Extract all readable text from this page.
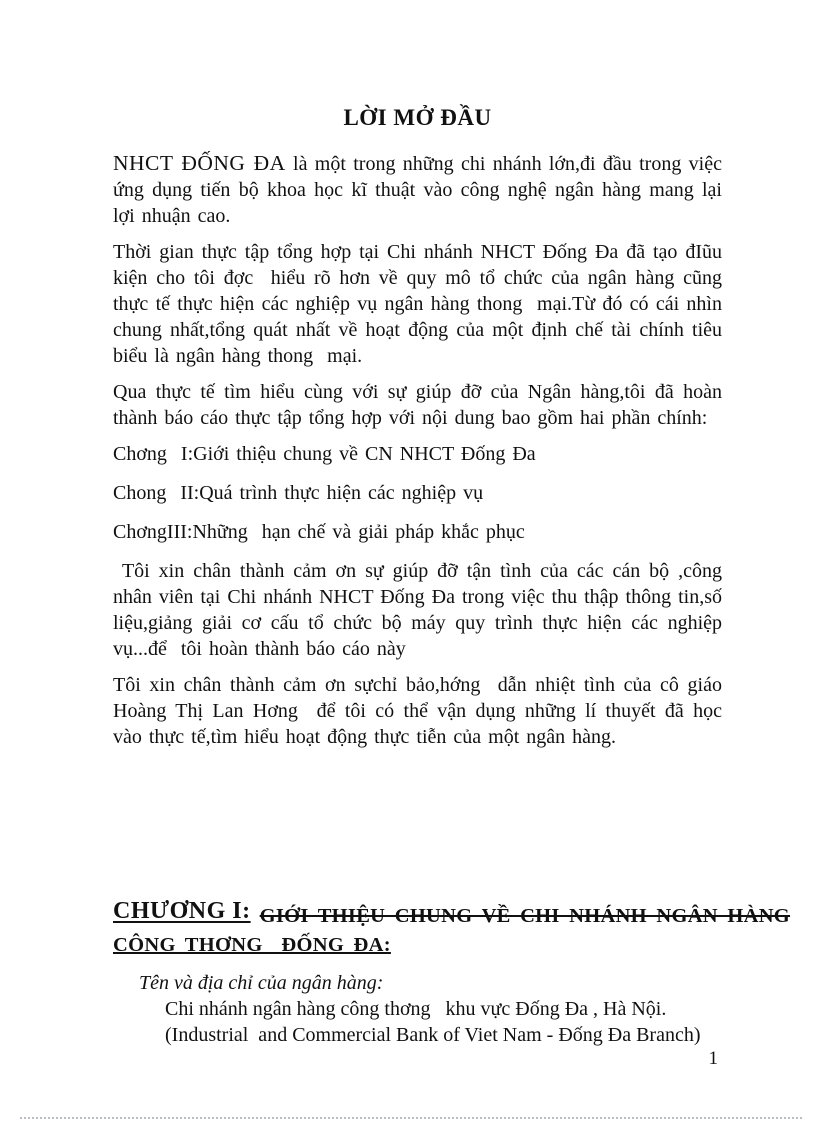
LỜI MỞ ĐẦU

NHCT ĐỐNG ĐA là một trong những chi nhánh lớn,đi đầu trong việc ứng dụng tiến bộ khoa học kĩ thuật vào công nghệ ngân hàng mang lại lợi nhuận cao.

Thời gian thực tập tổng hợp tại Chi nhánh NHCT Đống Đa đã tạo đIũu kiện cho tôi đợc  hiểu rõ hơn về quy mô tổ chức của ngân hàng cũng thực tế thực hiện các nghiệp vụ ngân hàng thong  mại.Từ đó có cái nhìn chung nhất,tổng quát nhất về hoạt động của một định chế tài chính tiêu biểu là ngân hàng thong  mại.

Qua thực tế tìm hiểu cùng với sự giúp đỡ của Ngân hàng,tôi đã hoàn thành báo cáo thực tập tổng hợp với nội dung bao gồm hai phần chính:

Chơng  I:Giới thiệu chung về CN NHCT Đống Đa

Chong  II:Quá trình thực hiện các nghiệp vụ

ChơngIII:Những  hạn chế và giải pháp khắc phục

Tôi xin chân thành cảm ơn sự giúp đỡ tận tình của các cán bộ ,công nhân viên tại Chi nhánh NHCT Đống Đa trong việc thu thập thông tin,số liệu,giảng giải cơ cấu tổ chức bộ máy quy trình thực hiện các nghiệp vụ...để  tôi hoàn thành báo cáo này

Tôi xin chân thành cảm ơn sựchỉ bảo,hớng  dẫn nhiệt tình của cô giáo Hoàng Thị Lan Hơng  để tôi có thể vận dụng những lí thuyết đã học vào thực tế,tìm hiểu hoạt động thực tiễn của một ngân hàng.

CHƯƠNG I: GIỚI THIỆU CHUNG VỀ CHI NHÁNH NGÂN HÀNG
CÔNG THƠNG  ĐỐNG ĐA:
Tên và địa chỉ của ngân hàng:
Chi nhánh ngân hàng công thơng   khu vực Đống Đa , Hà Nội.
(Industrial  and Commercial Bank of Viet Nam - Đống Đa Branch)
1
